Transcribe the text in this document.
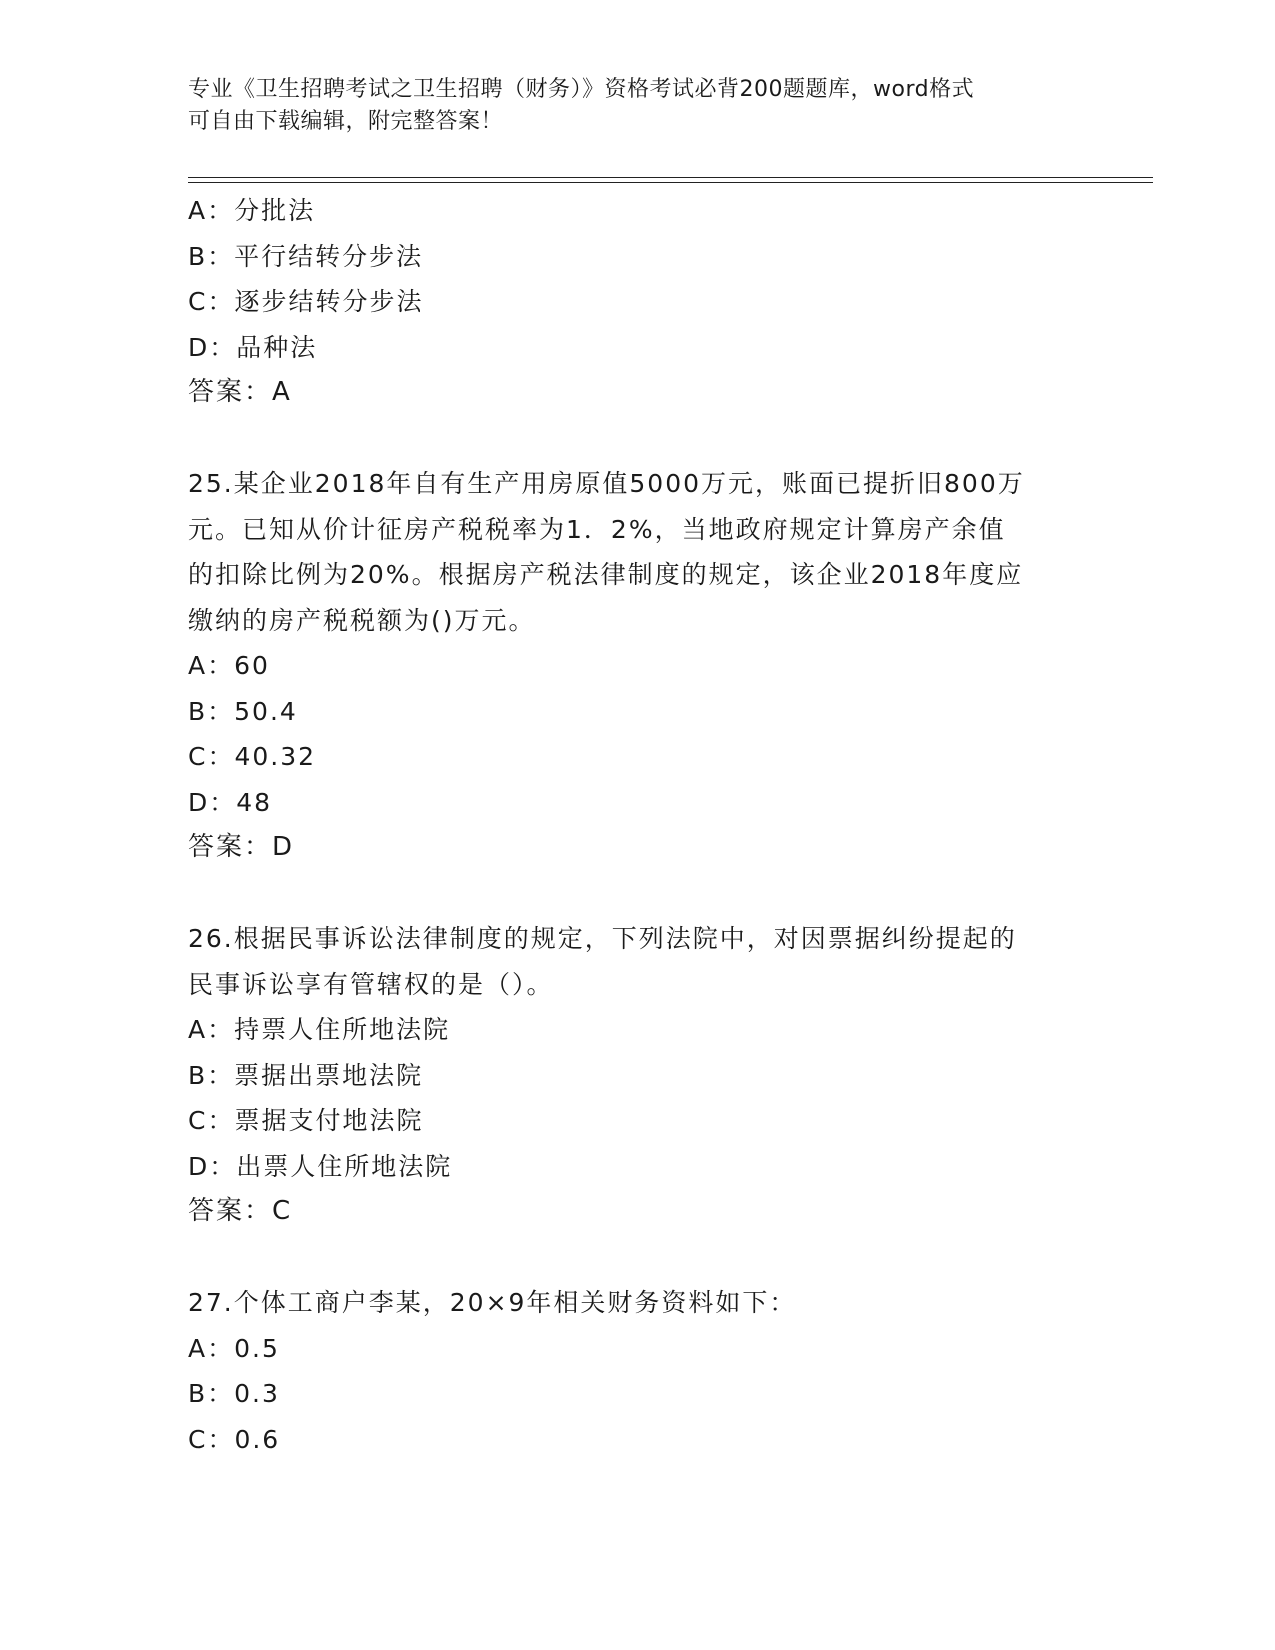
专业《卫生招聘考试之卫生招聘（财务）》资格考试必背200题题库，word格式
可自由下载编辑，附完整答案！
A：分批法
B：平行结转分步法
C：逐步结转分步法
D：品种法
答案：A
25.某企业2018年自有生产用房原值5000万元，账面已提折旧800万
元。已知从价计征房产税税率为1．2%，当地政府规定计算房产余值
的扣除比例为20%。根据房产税法律制度的规定，该企业2018年度应
缴纳的房产税税额为()万元。
A：60
B：50.4
C：40.32
D：48
答案：D
26.根据民事诉讼法律制度的规定，下列法院中，对因票据纠纷提起的
民事诉讼享有管辖权的是（）。
A：持票人住所地法院
B：票据出票地法院
C：票据支付地法院
D：出票人住所地法院
答案：C
27.个体工商户李某，20×9年相关财务资料如下：
A：0.5
B：0.3
C：0.6
